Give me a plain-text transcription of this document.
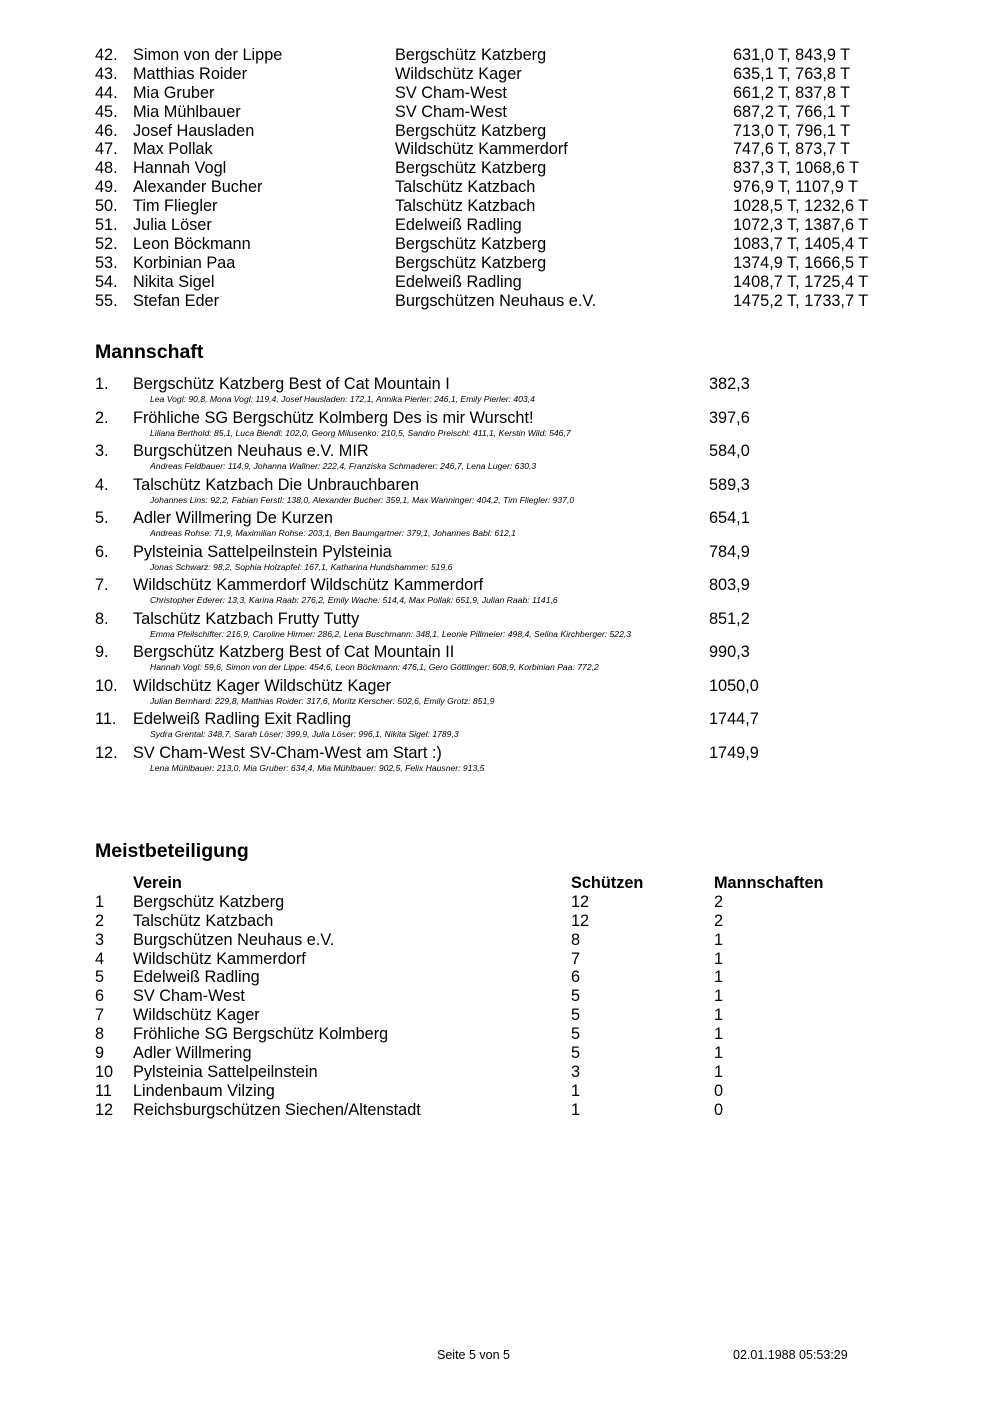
42. Simon von der Lippe	Bergschütz Katzberg	631,0 T, 843,9 T
43. Matthias Roider	Wildschütz Kager	635,1 T, 763,8 T
44. Mia Gruber	SV Cham-West	661,2 T, 837,8 T
45. Mia Mühlbauer	SV Cham-West	687,2 T, 766,1 T
46. Josef Hausladen	Bergschütz Katzberg	713,0 T, 796,1 T
47. Max Pollak	Wildschütz Kammerdorf	747,6 T, 873,7 T
48. Hannah Vogl	Bergschütz Katzberg	837,3 T, 1068,6 T
49. Alexander Bucher	Talschütz Katzbach	976,9 T, 1107,9 T
50. Tim Fliegler	Talschütz Katzbach	1028,5 T, 1232,6 T
51. Julia Löser	Edelweiß Radling	1072,3 T, 1387,6 T
52. Leon Böckmann	Bergschütz Katzberg	1083,7 T, 1405,4 T
53. Korbinian Paa	Bergschütz Katzberg	1374,9 T, 1666,5 T
54. Nikita Sigel	Edelweiß Radling	1408,7 T, 1725,4 T
55. Stefan Eder	Burgschützen Neuhaus e.V.	1475,2 T, 1733,7 T
Mannschaft
1. Bergschütz Katzberg Best of Cat Mountain I	382,3
Lea Vogl: 90,8, Mona Vogl: 119,4, Josef Hausladen: 172,1, Annika Pierler: 246,1, Emily Pierler: 403,4
2. Fröhliche SG Bergschütz Kolmberg Des is mir Wurscht!	397,6
Liliana Berthold: 85,1, Luca Biendl: 102,0, Georg Milusenko: 210,5, Sandro Preischl: 411,1, Kerstin Wild: 546,7
3. Burgschützen Neuhaus e.V. MIR	584,0
Andreas Feldbauer: 114,9, Johanna Wallner: 222,4, Franziska Schmaderer: 246,7, Lena Luger: 630,3
4. Talschütz Katzbach Die Unbrauchbaren	589,3
Johannes Lins: 92,2, Fabian Ferstl: 138,0, Alexander Bucher: 359,1, Max Wanninger: 404,2, Tim Fliegler: 937,0
5. Adler Willmering De Kurzen	654,1
Andreas Rohse: 71,9, Maximilian Rohse: 203,1, Ben Baumgartner: 379,1, Johannes Babl: 612,1
6. Pylsteinia Sattelpeilnstein Pylsteinia	784,9
Jonas Schwarz: 98,2, Sophia Holzapfel: 167,1, Katharina Hundshammer: 519,6
7. Wildschütz Kammerdorf Wildschütz Kammerdorf	803,9
Christopher Ederer: 13,3, Karina Raab: 276,2, Emily Wache: 514,4, Max Pollak: 651,9, Julian Raab: 1141,6
8. Talschütz Katzbach Frutty Tutty	851,2
Emma Pfeilschifter: 216,9, Caroline Hirmer: 286,2, Lena Buschmann: 348,1, Leonie Pillmeier: 498,4, Selina Kirchberger: 522,3
9. Bergschütz Katzberg Best of Cat Mountain II	990,3
Hannah Vogl: 59,6, Simon von der Lippe: 454,6, Leon Böckmann: 476,1, Gero Göttlinger: 608,9, Korbinian Paa: 772,2
10. Wildschütz Kager Wildschütz Kager	1050,0
Julian Bernhard: 229,8, Matthias Roider: 317,6, Moritz Kerscher: 502,6, Emily Grotz: 851,9
11. Edelweiß Radling Exit Radling	1744,7
Sydra Grental: 348,7, Sarah Löser: 399,9, Julia Löser: 996,1, Nikita Sigel: 1789,3
12. SV Cham-West SV-Cham-West am Start :)	1749,9
Lena Mühlbauer: 213,0, Mia Gruber: 634,4, Mia Mühlbauer: 902,5, Felix Hausner: 913,5
Meistbeteiligung
Verein	Schützen	Mannschaften
1 Bergschütz Katzberg	12	2
2 Talschütz Katzbach	12	2
3 Burgschützen Neuhaus e.V.	8	1
4 Wildschütz Kammerdorf	7	1
5 Edelweiß Radling	6	1
6 SV Cham-West	5	1
7 Wildschütz Kager	5	1
8 Fröhliche SG Bergschütz Kolmberg	5	1
9 Adler Willmering	5	1
10 Pylsteinia Sattelpeilnstein	3	1
11 Lindenbaum Vilzing	1	0
12 Reichsburgschützen Siechen/Altenstadt	1	0
Seite 5 von 5	02.01.1988 05:53:29
